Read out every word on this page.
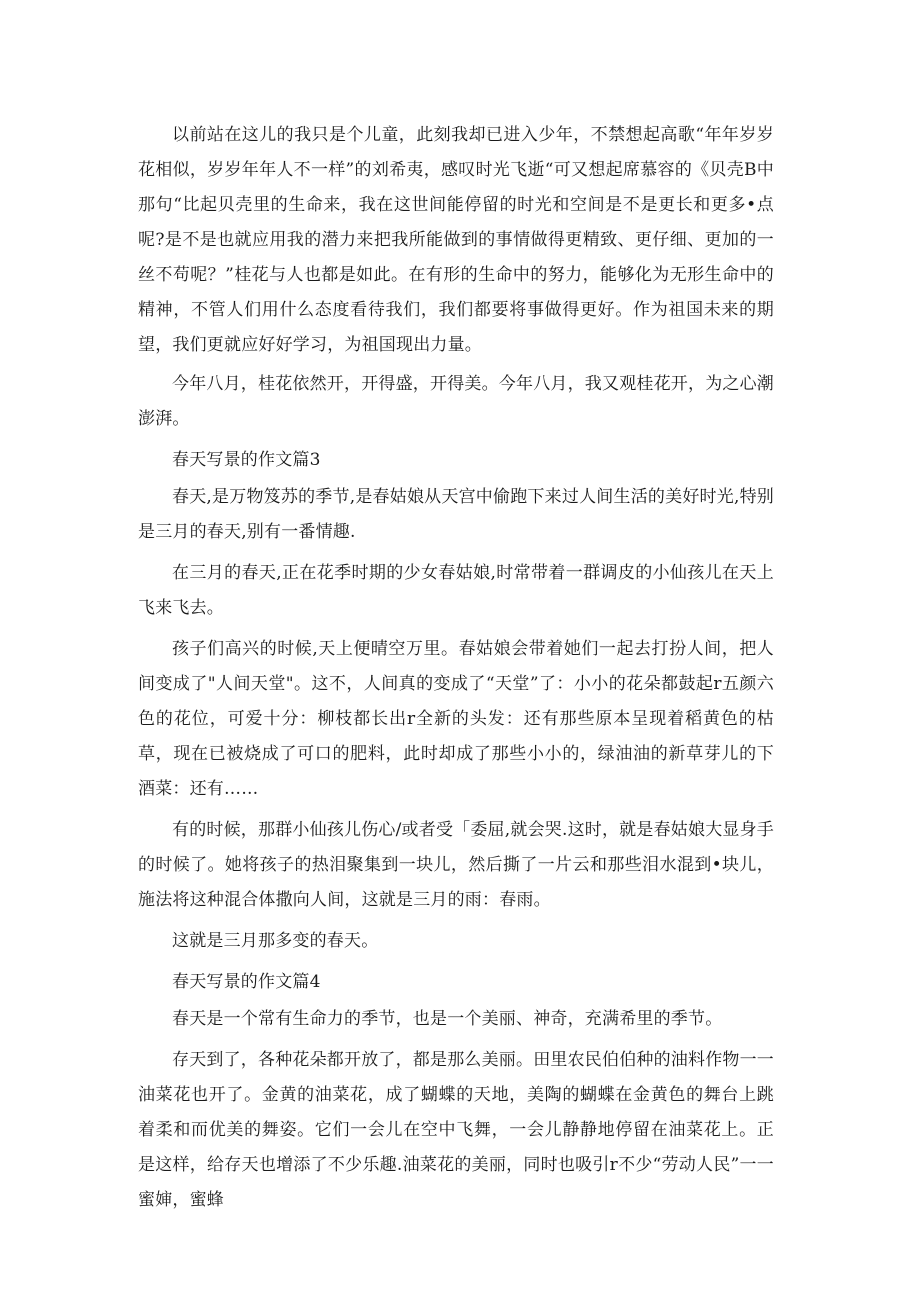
以前站在这儿的我只是个儿童，此刻我却已进入少年，不禁想起高歌“年年岁岁花相似，岁岁年年人不一样”的刘希夷，感叹时光飞逝“可又想起席慕容的《贝壳B中那句“比起贝壳里的生命来，我在这世间能停留的时光和空间是不是更长和更多•点呢?是不是也就应用我的潜力来把我所能做到的事情做得更精致、更仔细、更加的一丝不苟呢？”桂花与人也都是如此。在有形的生命中的努力，能够化为无形生命中的精神，不管人们用什么态度看待我们，我们都要将事做得更好。作为祖国未来的期望，我们更就应好好学习，为祖国现出力量。

今年八月，桂花依然开，开得盛，开得美。今年八月，我又观桂花开，为之心潮澎湃。

春天写景的作文篇3

春天,是万物笈苏的季节,是春姑娘从天宫中偷跑下来过人间生活的美好时光,特别是三月的春天,别有一番情趣.

在三月的春天,正在花季时期的少女春姑娘,时常带着一群调皮的小仙孩儿在天上飞来飞去。

孩子们高兴的时候,天上便晴空万里。春姑娘会带着她们一起去打扮人间，把人间变成了"人间天堂"。这不，人间真的变成了“天堂”了：小小的花朵都鼓起r五颜六色的花位，可爱十分：柳枝都长出r全新的头发：还有那些原本呈现着稻黄色的枯草，现在已被烧成了可口的肥料，此时却成了那些小小的，绿油油的新草芽儿的下酒菜：还有……

有的时候，那群小仙孩儿伤心/或者受「委屈,就会哭.这时，就是春姑娘大显身手的时候了。她将孩子的热泪聚集到一块儿，然后撕了一片云和那些泪水混到•块儿，施法将这种混合体撒向人间，这就是三月的雨：春雨。

这就是三月那多变的春天。

春天写景的作文篇4

春天是一个常有生命力的季节，也是一个美丽、神奇，充满希里的季节。

存天到了，各种花朵都开放了，都是那么美丽。田里农民伯伯种的油料作物一一油菜花也开了。金黄的油菜花，成了蝴蝶的天地，美陶的蝴蝶在金黄色的舞台上跳着柔和而优美的舞姿。它们一会儿在空中飞舞，一会儿静静地停留在油菜花上。正是这样，给存天也增添了不少乐趣.油菜花的美丽，同时也吸引r不少“劳动人民”一一蜜婶，蜜蜂
